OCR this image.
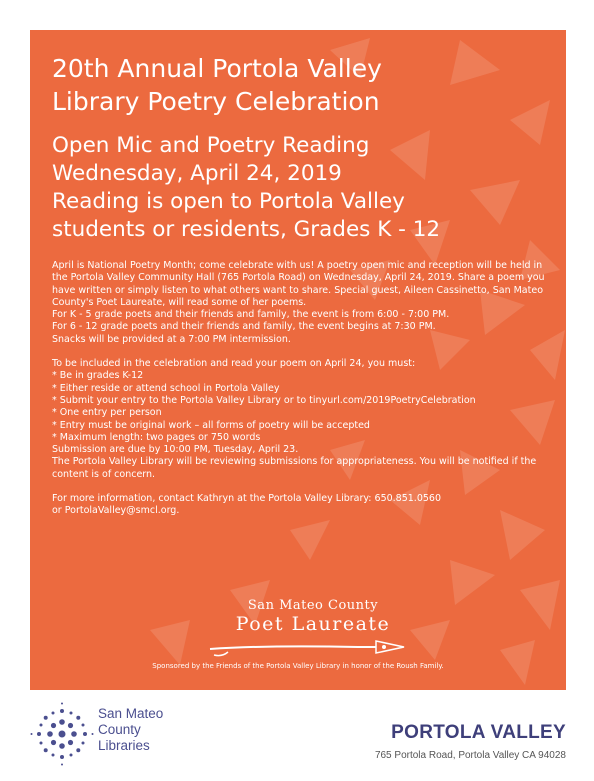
20th Annual Portola Valley
Library Poetry Celebration
Open Mic and Poetry Reading
Wednesday, April 24, 2019
Reading is open to Portola Valley
students or residents, Grades K - 12

April is National Poetry Month; come celebrate with us! A poetry open mic and reception will be held in the Portola Valley Community Hall (765 Portola Road) on Wednesday, April 24, 2019. Share a poem you have written or simply listen to what others want to share. Special guest, Aileen Cassinetto, San Mateo County's Poet Laureate, will read some of her poems.

For K - 5 grade poets and their friends and family, the event is from 6:00 - 7:00 PM.

For 6 - 12 grade poets and their friends and family, the event begins at 7:30 PM.

Snacks will be provided at a 7:00 PM intermission.

To be included in the celebration and read your poem on April 24, you must:

* Be in grades K-12
* Either reside or attend school in Portola Valley
* Submit your entry to the Portola Valley Library or to tinyurl.com/2019PoetryCelebration
* One entry per person
* Entry must be original work – all forms of poetry will be accepted
* Maximum length: two pages or 750 words

Submission are due by 10:00 PM, Tuesday, April 23.

The Portola Valley Library will be reviewing submissions for appropriateness. You will be notified if the content is of concern.

For more information, contact Kathryn at the Portola Valley Library: 650.851.0560

or PortolaValley@smcl.org.

San Mateo County
Poet Laureate
Sponsored by the Friends of the Portola Valley Library in honor of the Roush Family.
San Mateo
County
Libraries
PORTOLA VALLEY
765 Portola Road, Portola Valley CA 94028
